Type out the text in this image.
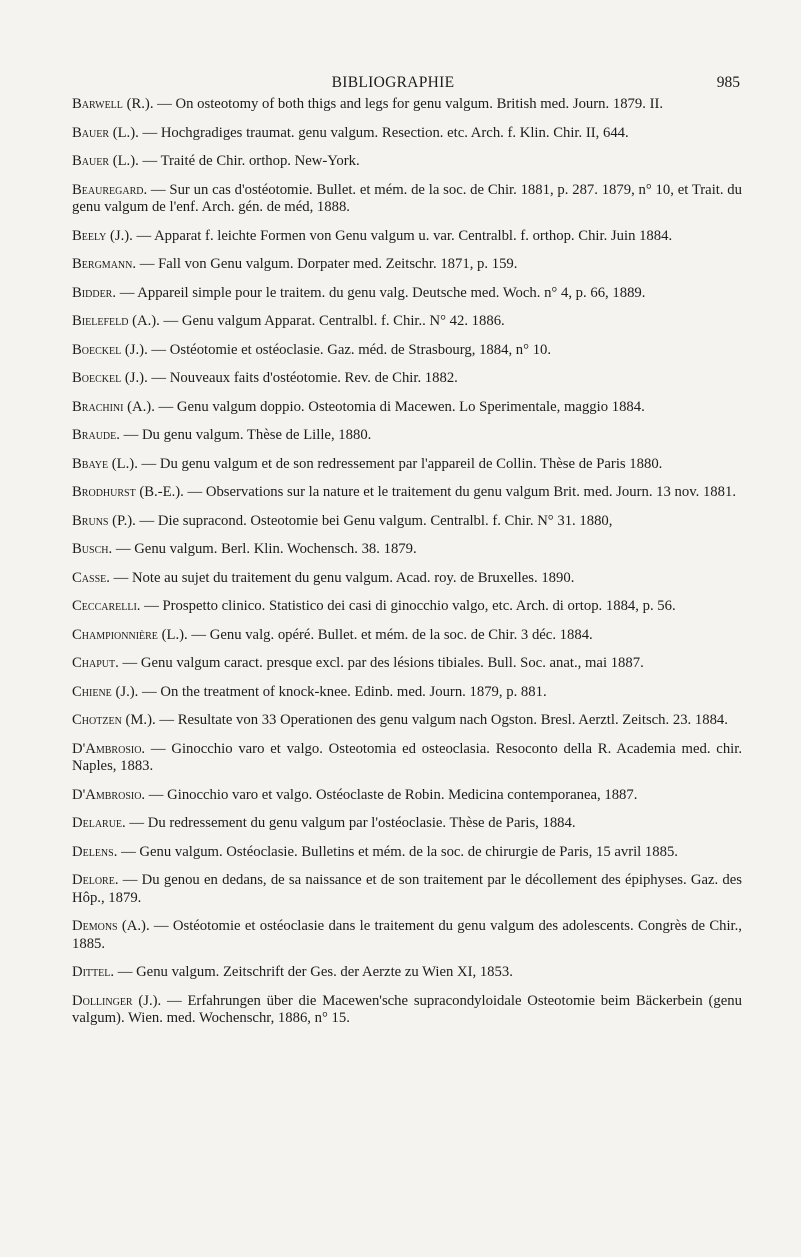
BIBLIOGRAPHIE	985

Barwell (R.). — On osteotomy of both thigs and legs for genu valgum. British med. Journ. 1879. II.

Bauer (L.). — Hochgradiges traumat. genu valgum. Resection. etc. Arch. f. Klin. Chir. II, 644.

Bauer (L.). — Traité de Chir. orthop. New-York.

Beauregard. — Sur un cas d'ostéotomie. Bullet. et mém. de la soc. de Chir. 1881, p. 287. 1879, n° 10, et Trait. du genu valgum de l'enf. Arch. gén. de méd, 1888.

Beely (J.). — Apparat f. leichte Formen von Genu valgum u. var. Centralbl. f. orthop. Chir. Juin 1884.

Bergmann. — Fall von Genu valgum. Dorpater med. Zeitschr. 1871, p. 159.

Bidder. — Appareil simple pour le traitem. du genu valg. Deutsche med. Woch. n° 4, p. 66, 1889.

Bielefeld (A.). — Genu valgum Apparat. Centralbl. f. Chir.. N° 42. 1886.

Boeckel (J.). — Ostéotomie et ostéoclasie. Gaz. méd. de Strasbourg, 1884, n° 10.

Boeckel (J.). — Nouveaux faits d'ostéotomie. Rev. de Chir. 1882.

Brachini (A.). — Genu valgum doppio. Osteotomia di Macewen. Lo Sperimentale, maggio 1884.

Braude. — Du genu valgum. Thèse de Lille, 1880.

Bbaye (L.). — Du genu valgum et de son redressement par l'appareil de Collin. Thèse de Paris 1880.

Brodhurst (B.-E.). — Observations sur la nature et le traitement du genu valgum Brit. med. Journ. 13 nov. 1881.

Bruns (P.). — Die supracond. Osteotomie bei Genu valgum. Centralbl. f. Chir. N° 31. 1880,

Busch. — Genu valgum. Berl. Klin. Wochensch. 38. 1879.

Casse. — Note au sujet du traitement du genu valgum. Acad. roy. de Bruxelles. 1890.

Ceccarelli. — Prospetto clinico. Statistico dei casi di ginocchio valgo, etc. Arch. di ortop. 1884, p. 56.

Championnière (L.). — Genu valg. opéré. Bullet. et mém. de la soc. de Chir. 3 déc. 1884.

Chaput. — Genu valgum caract. presque excl. par des lésions tibiales. Bull. Soc. anat., mai 1887.

Chiene (J.). — On the treatment of knock-knee. Edinb. med. Journ. 1879, p. 881.

Chotzen (M.). — Resultate von 33 Operationen des genu valgum nach Ogston. Bresl. Aerztl. Zeitsch. 23. 1884.

D'Ambrosio. — Ginocchio varo et valgo. Osteotomia ed osteoclasia. Resoconto della R. Academia med. chir. Naples, 1883.

D'Ambrosio. — Ginocchio varo et valgo. Ostéoclaste de Robin. Medicina contemporanea, 1887.

Delarue. — Du redressement du genu valgum par l'ostéoclasie. Thèse de Paris, 1884.

Delens. — Genu valgum. Ostéoclasie. Bulletins et mém. de la soc. de chirurgie de Paris, 15 avril 1885.

Delore. — Du genou en dedans, de sa naissance et de son traitement par le décollement des épiphyses. Gaz. des Hôp., 1879.

Demons (A.). — Ostéotomie et ostéoclasie dans le traitement du genu valgum des adolescents. Congrès de Chir., 1885.

Dittel. — Genu valgum. Zeitschrift der Ges. der Aerzte zu Wien XI, 1853.

Dollinger (J.). — Erfahrungen über die Macewen'sche supracondyloidale Osteotomie beim Bäckerbein (genu valgum). Wien. med. Wochenschr, 1886, n° 15.
